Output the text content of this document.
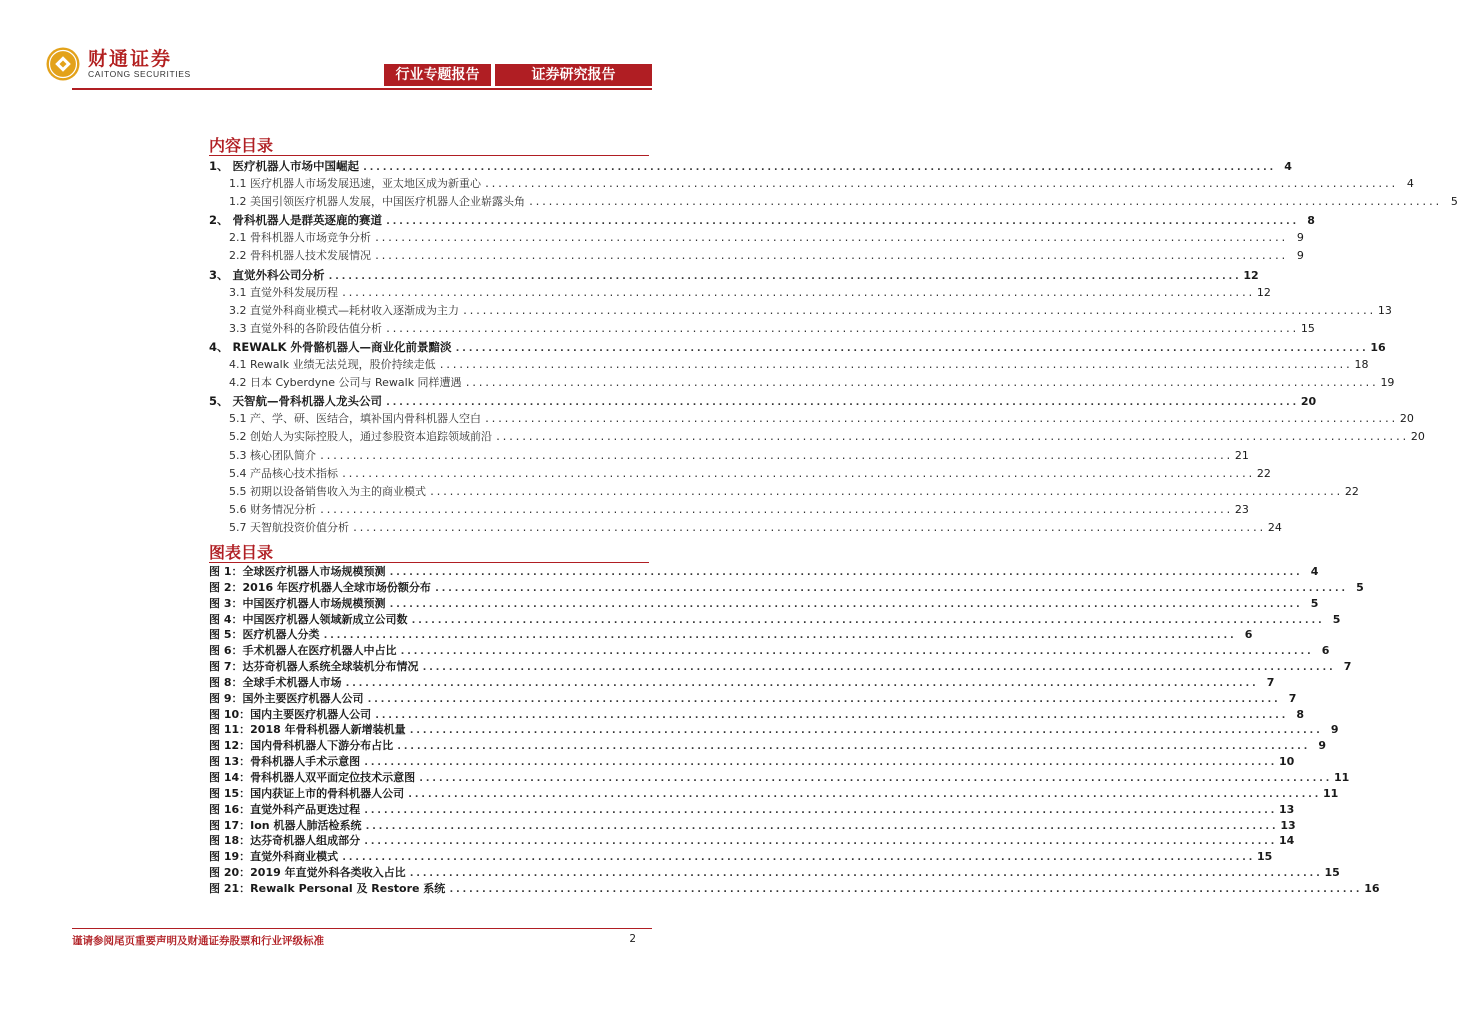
财通证券
CAITONG SECURITIES	行业专题报告	证券研究报告
内容目录
1、 医疗机器人市场中国崛起 ............................................................................................................................................ 4
1.1 医疗机器人市场发展迅速，亚太地区成为新重心 ............................................................................................................................................ 4
1.2 美国引领医疗机器人发展，中国医疗机器人企业崭露头角 ............................................................................................................................................ 5
2、 骨科机器人是群英逐鹿的赛道 ............................................................................................................................................ 8
2.1 骨科机器人市场竞争分析 ............................................................................................................................................ 9
2.2 骨科机器人技术发展情况 ............................................................................................................................................ 9
3、 直觉外科公司分析 ............................................................................................................................................ 12
3.1 直觉外科发展历程 ............................................................................................................................................ 12
3.2 直觉外科商业模式—耗材收入逐渐成为主力 ............................................................................................................................................ 13
3.3 直觉外科的各阶段估值分析 ............................................................................................................................................ 15
4、 REWALK 外骨骼机器人—商业化前景黯淡 ............................................................................................................................................ 16
4.1 Rewalk 业绩无法兑现，股价持续走低 ............................................................................................................................................ 18
4.2 日本 Cyberdyne 公司与 Rewalk 同样遭遇 ............................................................................................................................................ 19
5、 天智航—骨科机器人龙头公司 ............................................................................................................................................ 20
5.1 产、学、研、医结合，填补国内骨科机器人空白 ............................................................................................................................................ 20
5.2 创始人为实际控股人，通过参股资本追踪领域前沿 ............................................................................................................................................ 20
5.3 核心团队简介 ............................................................................................................................................ 21
5.4 产品核心技术指标 ............................................................................................................................................ 22
5.5 初期以设备销售收入为主的商业模式 ............................................................................................................................................ 22
5.6 财务情况分析 ............................................................................................................................................ 23
5.7 天智航投资价值分析 ............................................................................................................................................ 24
图表目录
图 1：全球医疗机器人市场规模预测 ............................................................................................................................................ 4
图 2：2016 年医疗机器人全球市场份额分布 ............................................................................................................................................ 5
图 3：中国医疗机器人市场规模预测 ............................................................................................................................................ 5
图 4：中国医疗机器人领域新成立公司数 ............................................................................................................................................ 5
图 5：医疗机器人分类 ............................................................................................................................................ 6
图 6：手术机器人在医疗机器人中占比 ............................................................................................................................................ 6
图 7：达芬奇机器人系统全球装机分布情况 ............................................................................................................................................ 7
图 8：全球手术机器人市场 ............................................................................................................................................ 7
图 9：国外主要医疗机器人公司 ............................................................................................................................................ 7
图 10：国内主要医疗机器人公司 ............................................................................................................................................ 8
图 11：2018 年骨科机器人新增装机量 ............................................................................................................................................ 9
图 12：国内骨科机器人下游分布占比 ............................................................................................................................................ 9
图 13：骨科机器人手术示意图 ............................................................................................................................................ 10
图 14：骨科机器人双平面定位技术示意图 ............................................................................................................................................ 11
图 15：国内获证上市的骨科机器人公司 ............................................................................................................................................ 11
图 16：直觉外科产品更迭过程 ............................................................................................................................................ 13
图 17：Ion 机器人肺活检系统 ............................................................................................................................................ 13
图 18：达芬奇机器人组成部分 ............................................................................................................................................ 14
图 19：直觉外科商业模式 ............................................................................................................................................ 15
图 20：2019 年直觉外科各类收入占比 ............................................................................................................................................ 15
图 21：Rewalk Personal 及 Restore 系统 ............................................................................................................................................ 16
谨请参阅尾页重要声明及财通证券股票和行业评级标准	2
